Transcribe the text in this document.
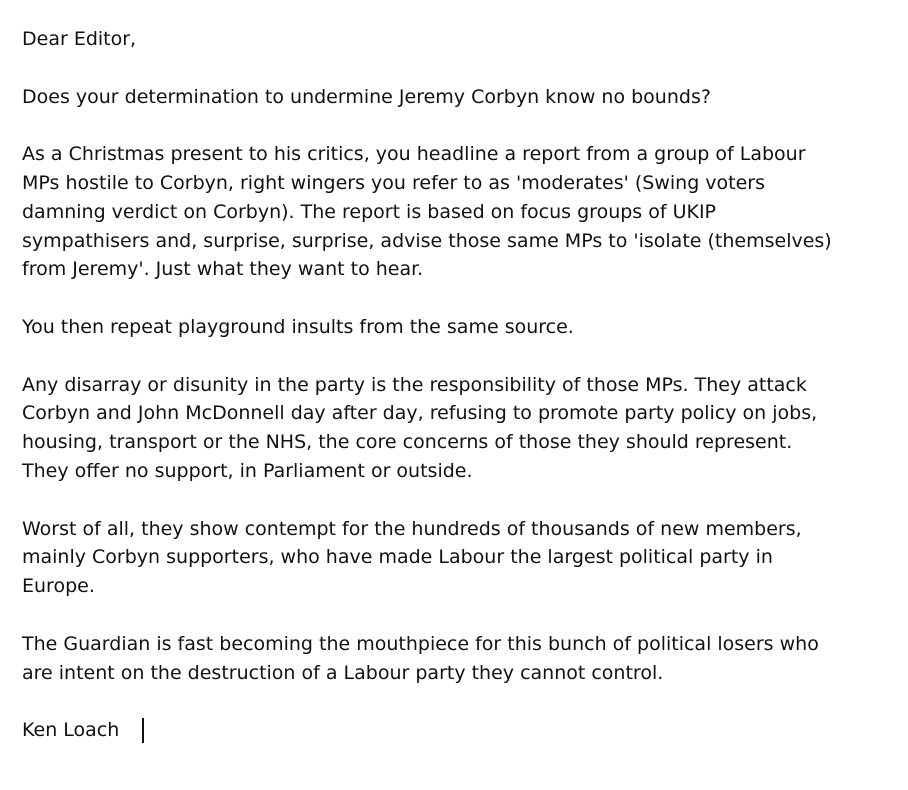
Dear Editor,

Does your determination to undermine Jeremy Corbyn know no bounds?

As a Christmas present to his critics, you headline a report from a group of Labour
MPs hostile to Corbyn, right wingers you refer to as 'moderates' (Swing voters
damning verdict on Corbyn). The report is based on focus groups of UKIP
sympathisers and, surprise, surprise, advise those same MPs to 'isolate (themselves)
from Jeremy'. Just what they want to hear.

You then repeat playground insults from the same source.

Any disarray or disunity in the party is the responsibility of those MPs. They attack
Corbyn and John McDonnell day after day, refusing to promote party policy on jobs,
housing, transport or the NHS, the core concerns of those they should represent.
They offer no support, in Parliament or outside.

Worst of all, they show contempt for the hundreds of thousands of new members,
mainly Corbyn supporters, who have made Labour the largest political party in
Europe.

The Guardian is fast becoming the mouthpiece for this bunch of political losers who
are intent on the destruction of a Labour party they cannot control.

Ken Loach
